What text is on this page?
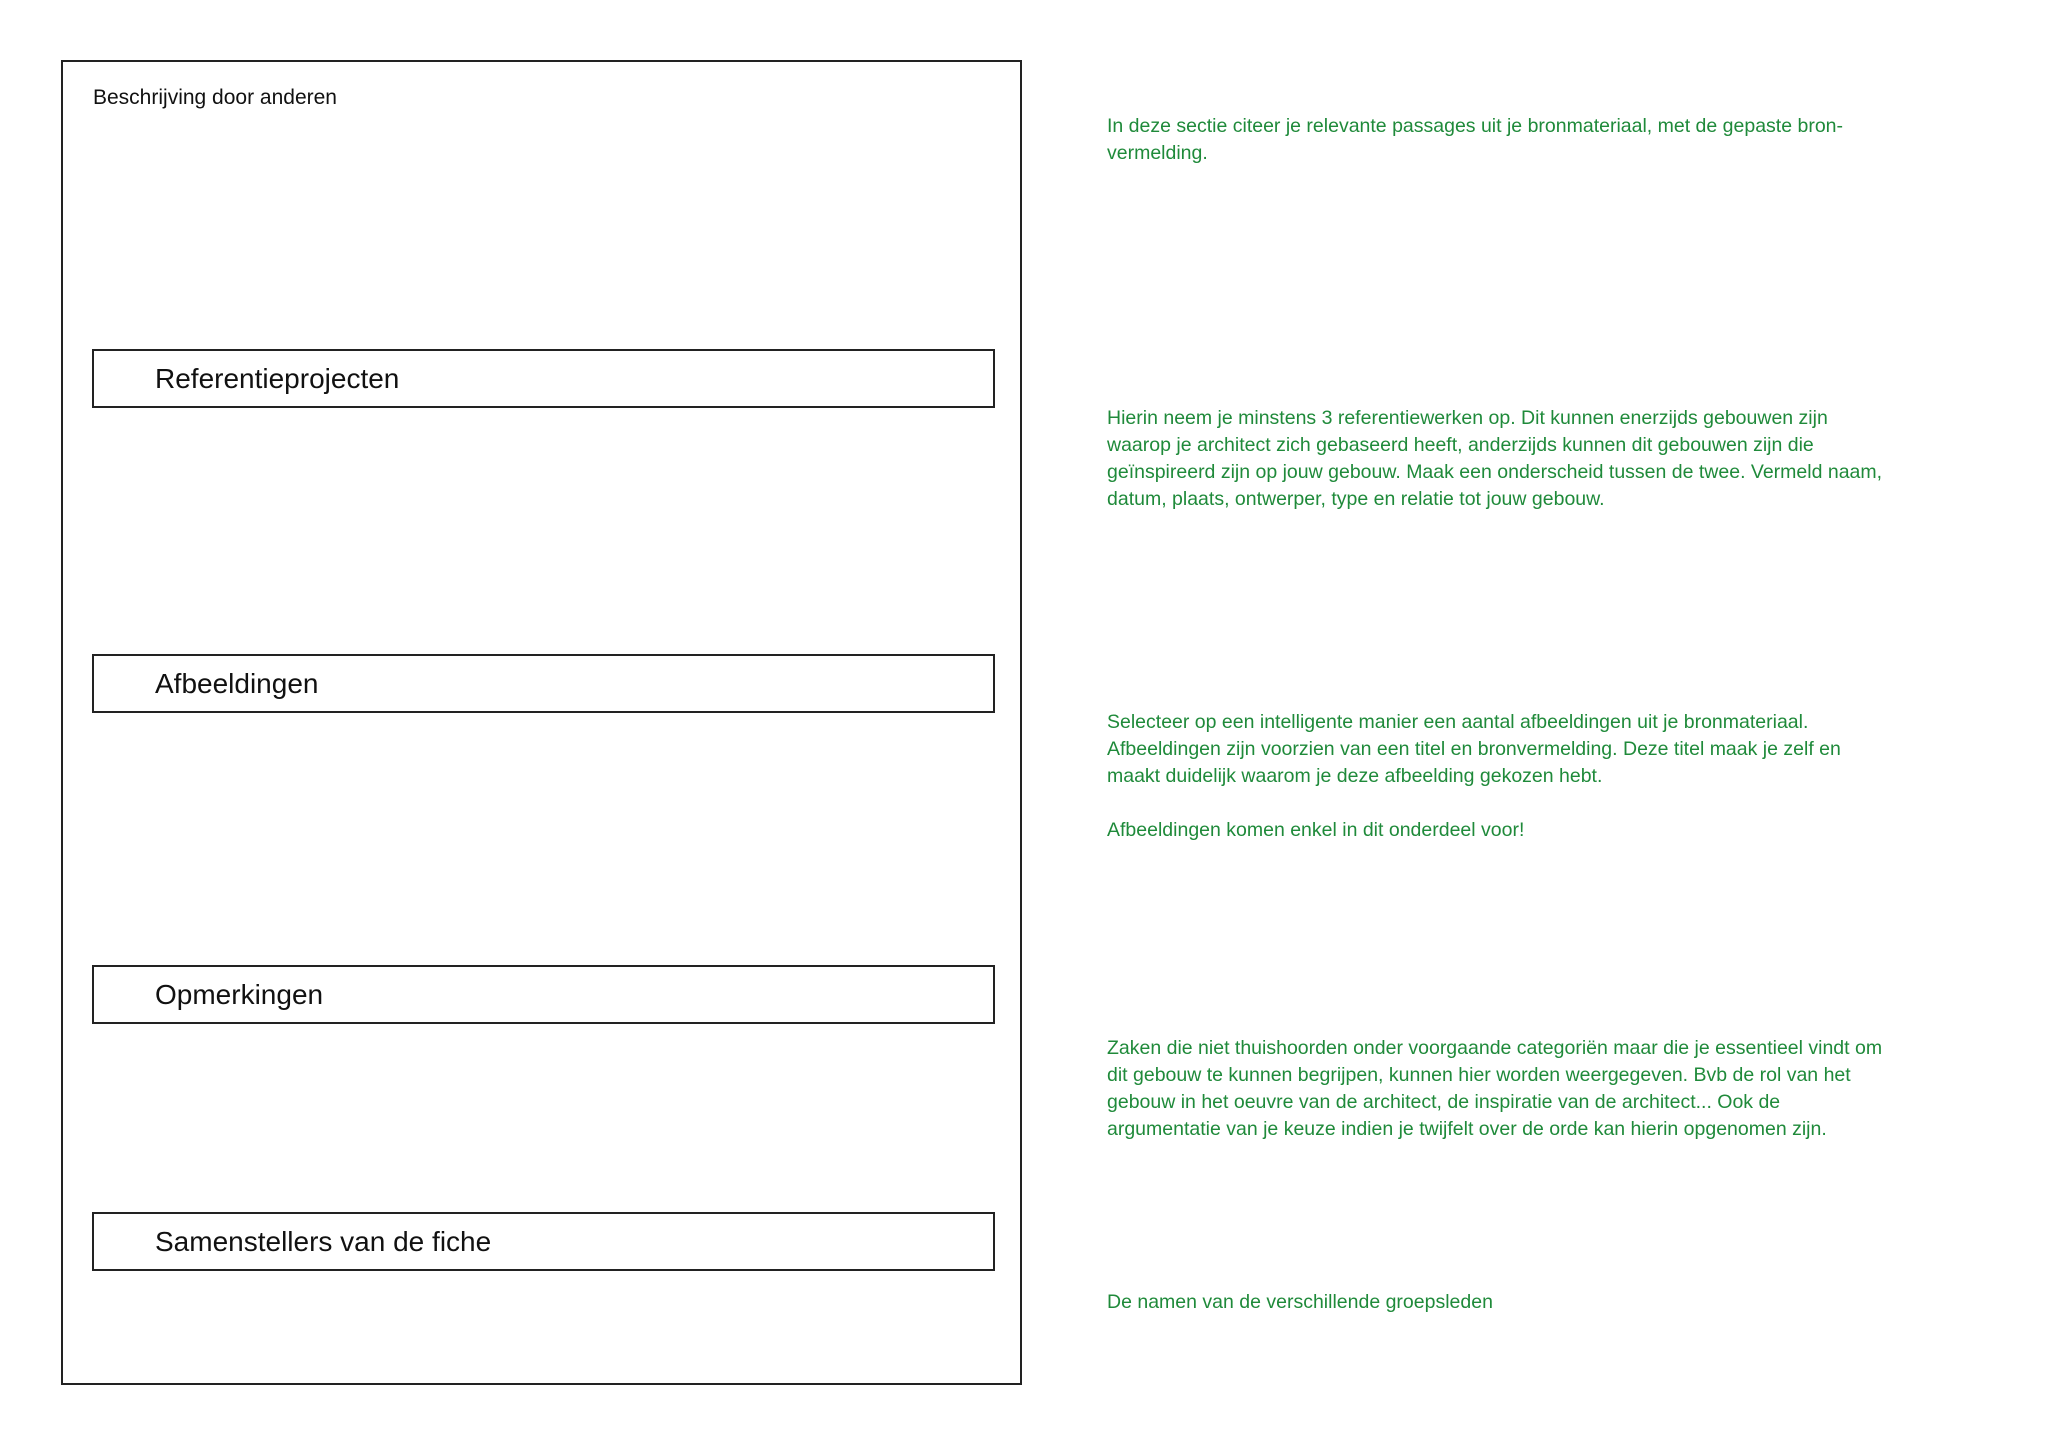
Beschrijving door anderen
Referentieprojecten
Afbeeldingen
Opmerkingen
Samenstellers van de fiche

In deze sectie citeer je relevante passages uit je bronmateriaal, met de gepaste bron-vermelding.

Hierin neem je minstens 3 referentiewerken op. Dit kunnen enerzijds gebouwen zijn waarop je architect zich gebaseerd heeft, anderzijds kunnen dit gebouwen zijn die geïnspireerd zijn op jouw gebouw. Maak een onderscheid tussen de twee. Vermeld naam, datum, plaats, ontwerper, type en relatie tot jouw gebouw.

Selecteer op een intelligente manier een aantal afbeeldingen uit je bronmateriaal. Afbeeldingen zijn voorzien van een titel en bronvermelding. Deze titel maak je zelf en maakt duidelijk waarom je deze afbeelding gekozen hebt.

Afbeeldingen komen enkel in dit onderdeel voor!

Zaken die niet thuishoorden onder voorgaande categoriën maar die je essentieel vindt om dit gebouw te kunnen begrijpen, kunnen hier worden weergegeven. Bvb de rol van het gebouw in het oeuvre van de architect, de inspiratie van de architect... Ook de argumentatie van je keuze indien je twijfelt over de orde kan hierin opgenomen zijn.

De namen van de verschillende groepsleden
